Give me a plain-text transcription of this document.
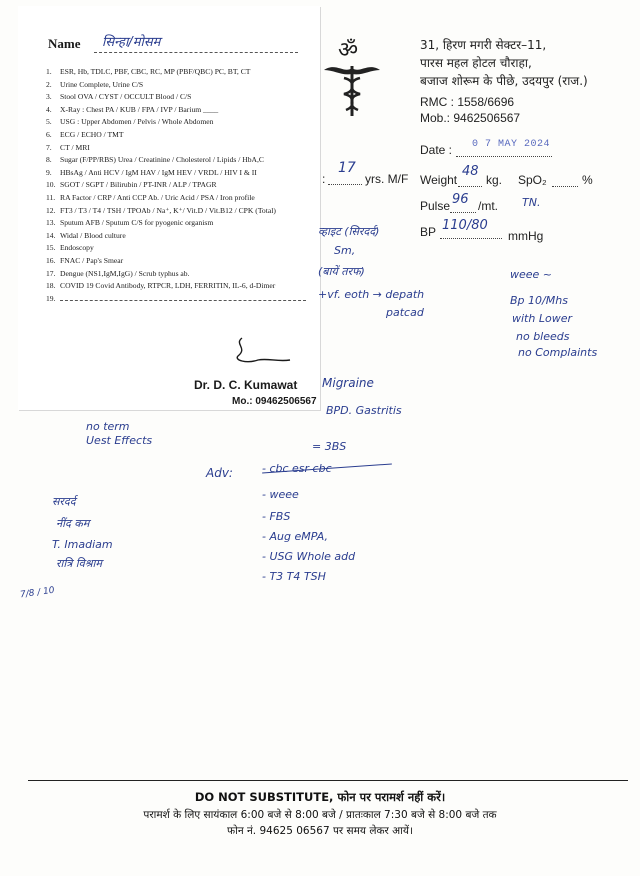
Name सिन्हा/मोसम
1. ESR, Hb, TDLC, PBF, CBC, RC, MP (PBF/QBC) PC, BT, CT
2. Urine Complete, Urine C/S
3. Stool OVA / CYST / OCCULT Blood / C/S
4. X-Ray : Chest PA / KUB / FPA / IVP / Barium ____
5. USG : Upper Abdomen / Pelvis / Whole Abdomen
6. ECG / ECHO / TMT
7. CT / MRI
8. Sugar (F/PP/RBS) Urea / Creatinine / Cholesterol / Lipids / HbA,C
9. HBsAg / Anti HCV / IgM HAV / IgM HEV / VRDL / HIV I & II
10. SGOT / SGPT / Bilirubin / PT-INR / ALP / TPAGR
11. RA Factor / CRP / Anti CCP Ab. / Uric Acid / PSA / Iron profile
12. FT3 / T3 / T4 / TSH / TPOAb / Na⁺, K⁺/ Vit.D / Vit.B12 / CPK (Total)
13. Sputum AFB / Sputum C/S for pyogenic organism
14. Widal / Blood culture
15. Endoscopy
16. FNAC / Pap's Smear
17. Dengue (NS1,IgM,IgG) / Scrub typhus ab.
18. COVID 19 Covid Antibody, RTPCR, LDH, FERRITIN, IL-6, d-Dimer
19.
Dr. D. C. Kumawat
Mo.: 09462506567
ॐ	31, हिरण मगरी सेक्टर–11,
पारस महल होटल चौराहा,
बजाज शोरूम के पीछे, उदयपुर (राज.)
RMC : 1558/6696
Mob.: 9462506567
Date : 0 7 MAY 2024
:
17
yrs. M/F Weight
48
kg. SpO₂	%
Pulse 96 /mt. TN.
BP 110/80
mmHg
व्हाइट (सिरदर्द)
Sm,
(बायें तरफ)
+vf. eoth → depath
patcad
weee ~
Bp 10/Mhs
with Lower
no bleeds
no Complaints
Migraine
BPD. Gastritis
no term
Uest Effects	= 3BS
Adv:	- cbc esr cbc
- weee
- FBS
- Aug eMPA,
- USG Whole add
- T3 T4 TSH
सरदर्द
नींद कम
T. Imadiam
रात्रि विश्राम
7/8 / 10
DO NOT SUBSTITUTE, फोन पर परामर्श नहीं करें।
परामर्श के लिए सायंकाल 6:00 बजे से 8:00 बजे / प्रातःकाल 7:30 बजे से 8:00 बजे तक
फोन नं. 94625 06567 पर समय लेकर आयें।
